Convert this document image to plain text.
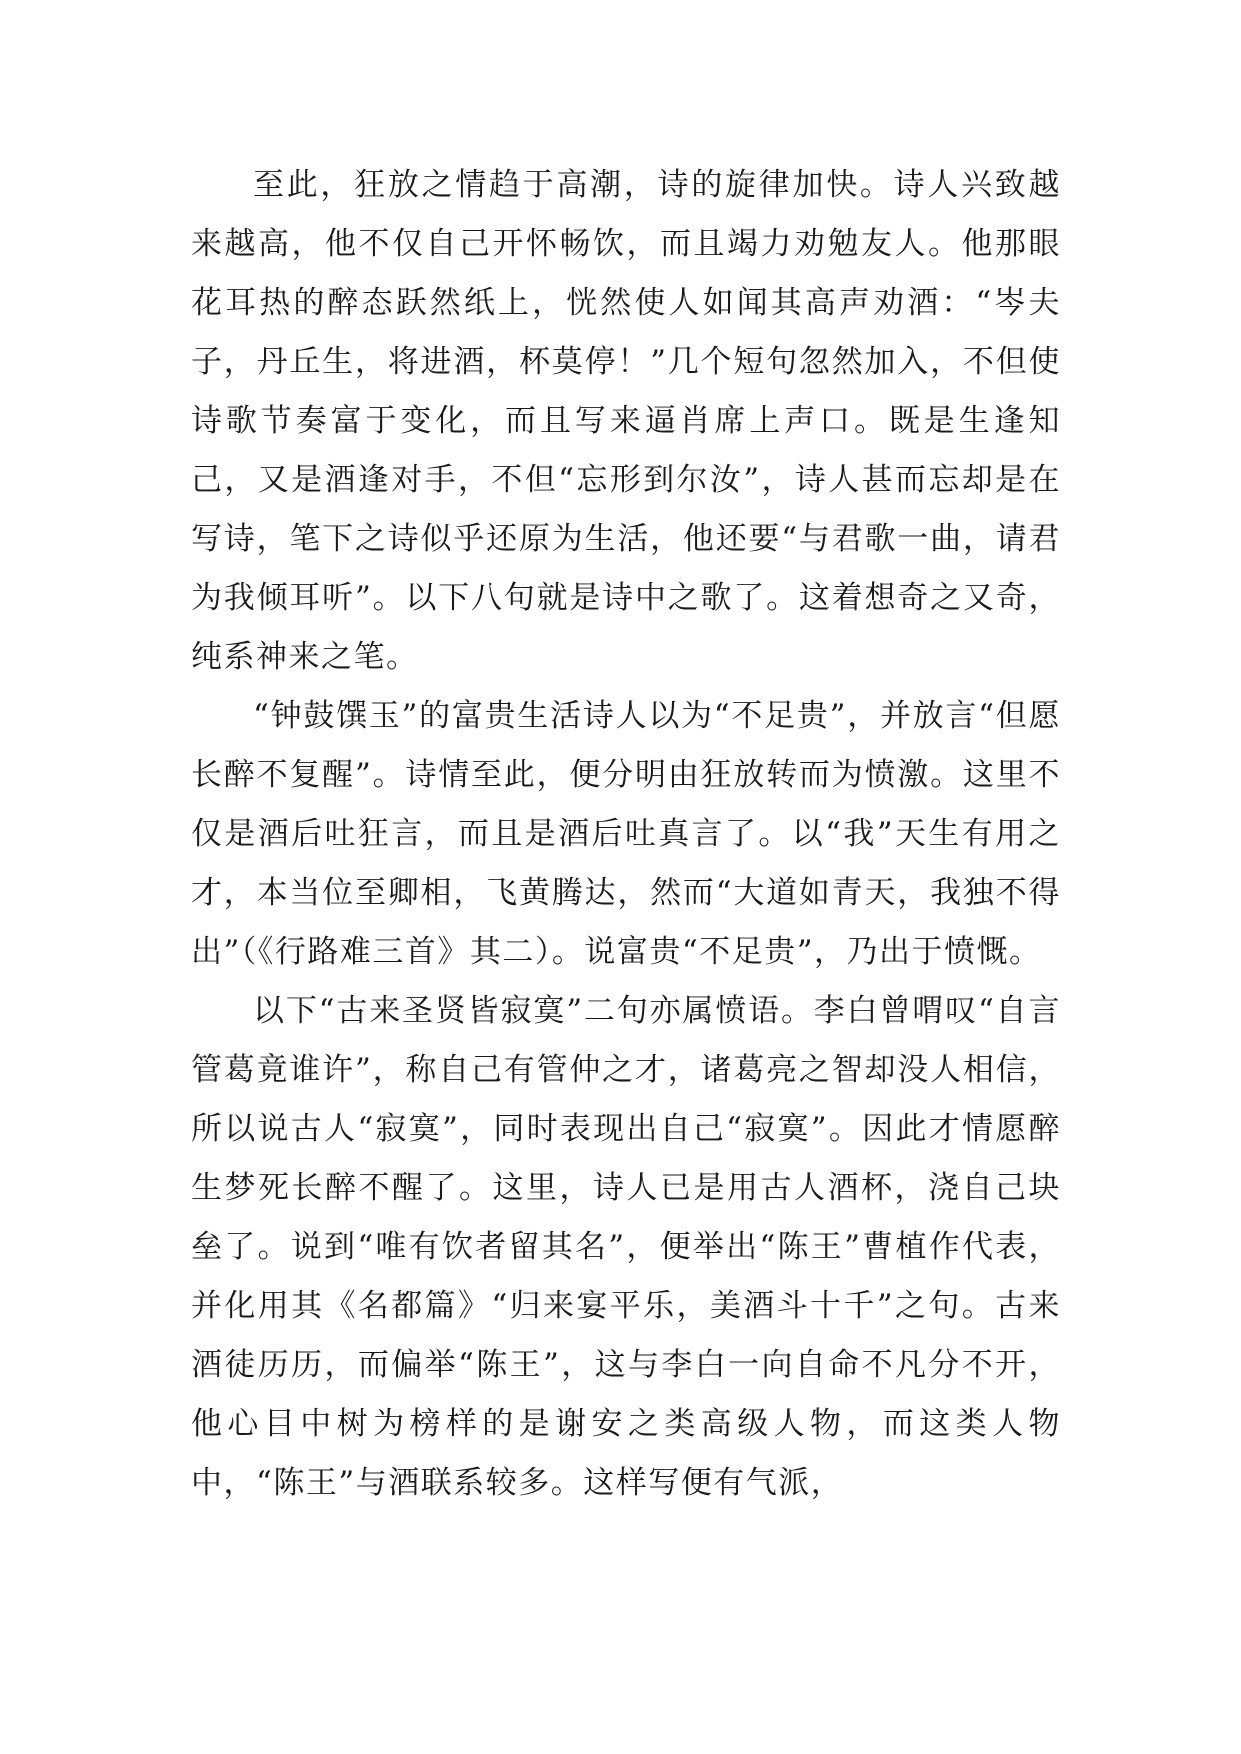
至此，狂放之情趋于高潮，诗的旋律加快。诗人兴致越来越高，他不仅自己开怀畅饮，而且竭力劝勉友人。他那眼花耳热的醉态跃然纸上，恍然使人如闻其高声劝酒：“岑夫子，丹丘生，将进酒，杯莫停！”几个短句忽然加入，不但使诗歌节奏富于变化，而且写来逼肖席上声口。既是生逢知己，又是酒逢对手，不但“忘形到尔汝”，诗人甚而忘却是在写诗，笔下之诗似乎还原为生活，他还要“与君歌一曲，请君为我倾耳听”。以下八句就是诗中之歌了。这着想奇之又奇，纯系神来之笔。

“钟鼓馔玉”的富贵生活诗人以为“不足贵”，并放言“但愿长醉不复醒”。诗情至此，便分明由狂放转而为愤激。这里不仅是酒后吐狂言，而且是酒后吐真言了。以“我”天生有用之才，本当位至卿相，飞黄腾达，然而“大道如青天，我独不得出”（《行路难三首》其二）。说富贵“不足贵”，乃出于愤慨。

以下“古来圣贤皆寂寞”二句亦属愤语。李白曾喟叹“自言管葛竟谁许”，称自己有管仲之才，诸葛亮之智却没人相信，所以说古人“寂寞”，同时表现出自己“寂寞”。因此才情愿醉生梦死长醉不醒了。这里，诗人已是用古人酒杯，浇自己块垒了。说到“唯有饮者留其名”，便举出“陈王”曹植作代表，并化用其《名都篇》“归来宴平乐，美酒斗十千”之句。古来酒徒历历，而偏举“陈王”，这与李白一向自命不凡分不开，他心目中树为榜样的是谢安之类高级人物，而这类人物中，“陈王”与酒联系较多。这样写便有气派，
